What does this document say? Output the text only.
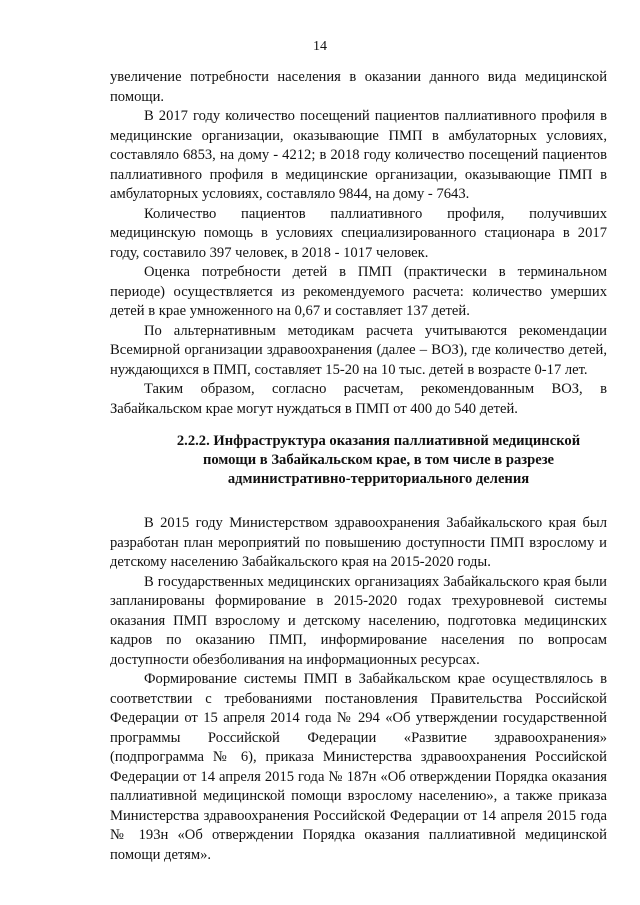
14

увеличение потребности населения в оказании данного вида медицинской помощи.

В 2017 году количество посещений пациентов паллиативного профиля в медицинские организации, оказывающие ПМП в амбулаторных условиях, составляло 6853, на дому - 4212; в 2018 году количество посещений пациентов паллиативного профиля в медицинские организации, оказывающие ПМП в амбулаторных условиях, составляло 9844, на дому - 7643.

Количество пациентов паллиативного профиля, получивших медицинскую помощь в условиях специализированного стационара в 2017 году, составило 397 человек, в 2018 - 1017 человек.

Оценка потребности детей в ПМП (практически в терминальном периоде) осуществляется из рекомендуемого расчета: количество умерших детей в крае умноженного на 0,67 и составляет 137 детей.

По альтернативным методикам расчета учитываются рекомендации Всемирной организации здравоохранения (далее – ВОЗ), где количество детей, нуждающихся в ПМП, составляет 15-20 на 10 тыс. детей в возрасте 0-17 лет.

Таким образом, согласно расчетам, рекомендованным ВОЗ, в Забайкальском крае могут нуждаться в ПМП от 400 до 540 детей.

2.2.2. Инфраструктура оказания паллиативной медицинской
помощи в Забайкальском крае, в том числе в разрезе
административно-территориального деления

В 2015 году Министерством здравоохранения Забайкальского края был разработан план мероприятий по повышению доступности ПМП взрослому и детскому населению Забайкальского края на 2015-2020 годы.

В государственных медицинских организациях Забайкальского края были запланированы формирование в 2015-2020 годах трехуровневой системы оказания ПМП взрослому и детскому населению, подготовка медицинских кадров по оказанию ПМП, информирование населения по вопросам доступности обезболивания на информационных ресурсах.

Формирование системы ПМП в Забайкальском крае осуществлялось в соответствии с требованиями постановления Правительства Российской Федерации от 15 апреля 2014 года № 294 «Об утверждении государственной программы Российской Федерации «Развитие здравоохранения» (подпрограмма № 6), приказа Министерства здравоохранения Российской Федерации от 14 апреля 2015 года № 187н «Об отверждении Порядка оказания паллиативной медицинской помощи взрослому населению», а также приказа Министерства здравоохранения Российской Федерации от 14 апреля 2015 года № 193н «Об отверждении Порядка оказания паллиативной медицинской помощи детям».
